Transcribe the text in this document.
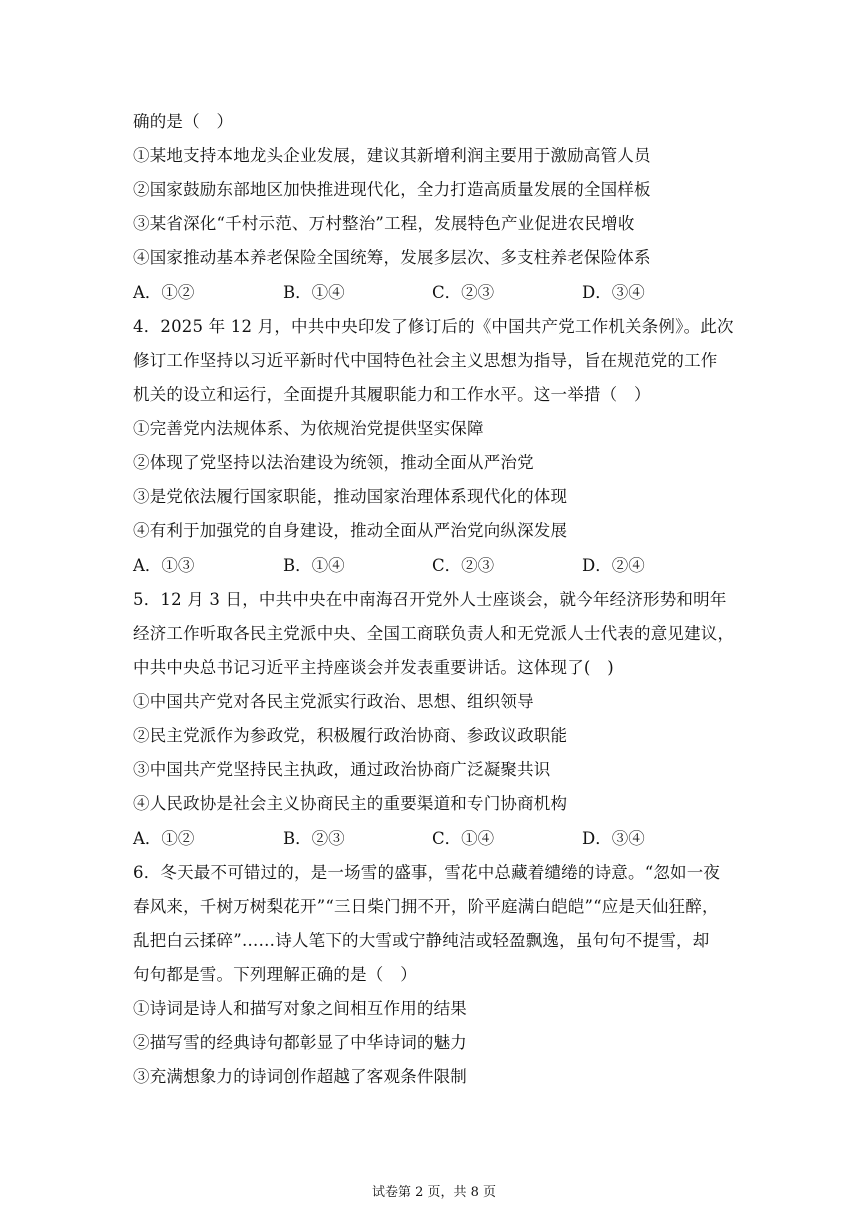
确的是（　）
①某地支持本地龙头企业发展，建议其新增利润主要用于激励高管人员
②国家鼓励东部地区加快推进现代化，全力打造高质量发展的全国样板
③某省深化“千村示范、万村整治”工程，发展特色产业促进农民增收
④国家推动基本养老保险全国统筹，发展多层次、多支柱养老保险体系
A．①②	B．①④	C．②③	D．③④
4．2025 年 12 月，中共中央印发了修订后的《中国共产党工作机关条例》。此次
修订工作坚持以习近平新时代中国特色社会主义思想为指导，旨在规范党的工作
机关的设立和运行，全面提升其履职能力和工作水平。这一举措（　）
①完善党内法规体系、为依规治党提供坚实保障
②体现了党坚持以法治建设为统领，推动全面从严治党
③是党依法履行国家职能，推动国家治理体系现代化的体现
④有利于加强党的自身建设，推动全面从严治党向纵深发展
A．①③	B．①④	C．②③	D．②④
5．12 月 3 日，中共中央在中南海召开党外人士座谈会，就今年经济形势和明年
经济工作听取各民主党派中央、全国工商联负责人和无党派人士代表的意见建议，
中共中央总书记习近平主持座谈会并发表重要讲话。这体现了(　)
①中国共产党对各民主党派实行政治、思想、组织领导
②民主党派作为参政党，积极履行政治协商、参政议政职能
③中国共产党坚持民主执政，通过政治协商广泛凝聚共识
④人民政协是社会主义协商民主的重要渠道和专门协商机构
A．①②	B．②③	C．①④	D．③④
6．冬天最不可错过的，是一场雪的盛事，雪花中总藏着缱绻的诗意。“忽如一夜
春风来，千树万树梨花开”“三日柴门拥不开，阶平庭满白皑皑”“应是天仙狂醉，
乱把白云揉碎”……诗人笔下的大雪或宁静纯洁或轻盈飘逸，虽句句不提雪，却
句句都是雪。下列理解正确的是（　）
①诗词是诗人和描写对象之间相互作用的结果
②描写雪的经典诗句都彰显了中华诗词的魅力
③充满想象力的诗词创作超越了客观条件限制
试卷第 2 页，共 8 页
